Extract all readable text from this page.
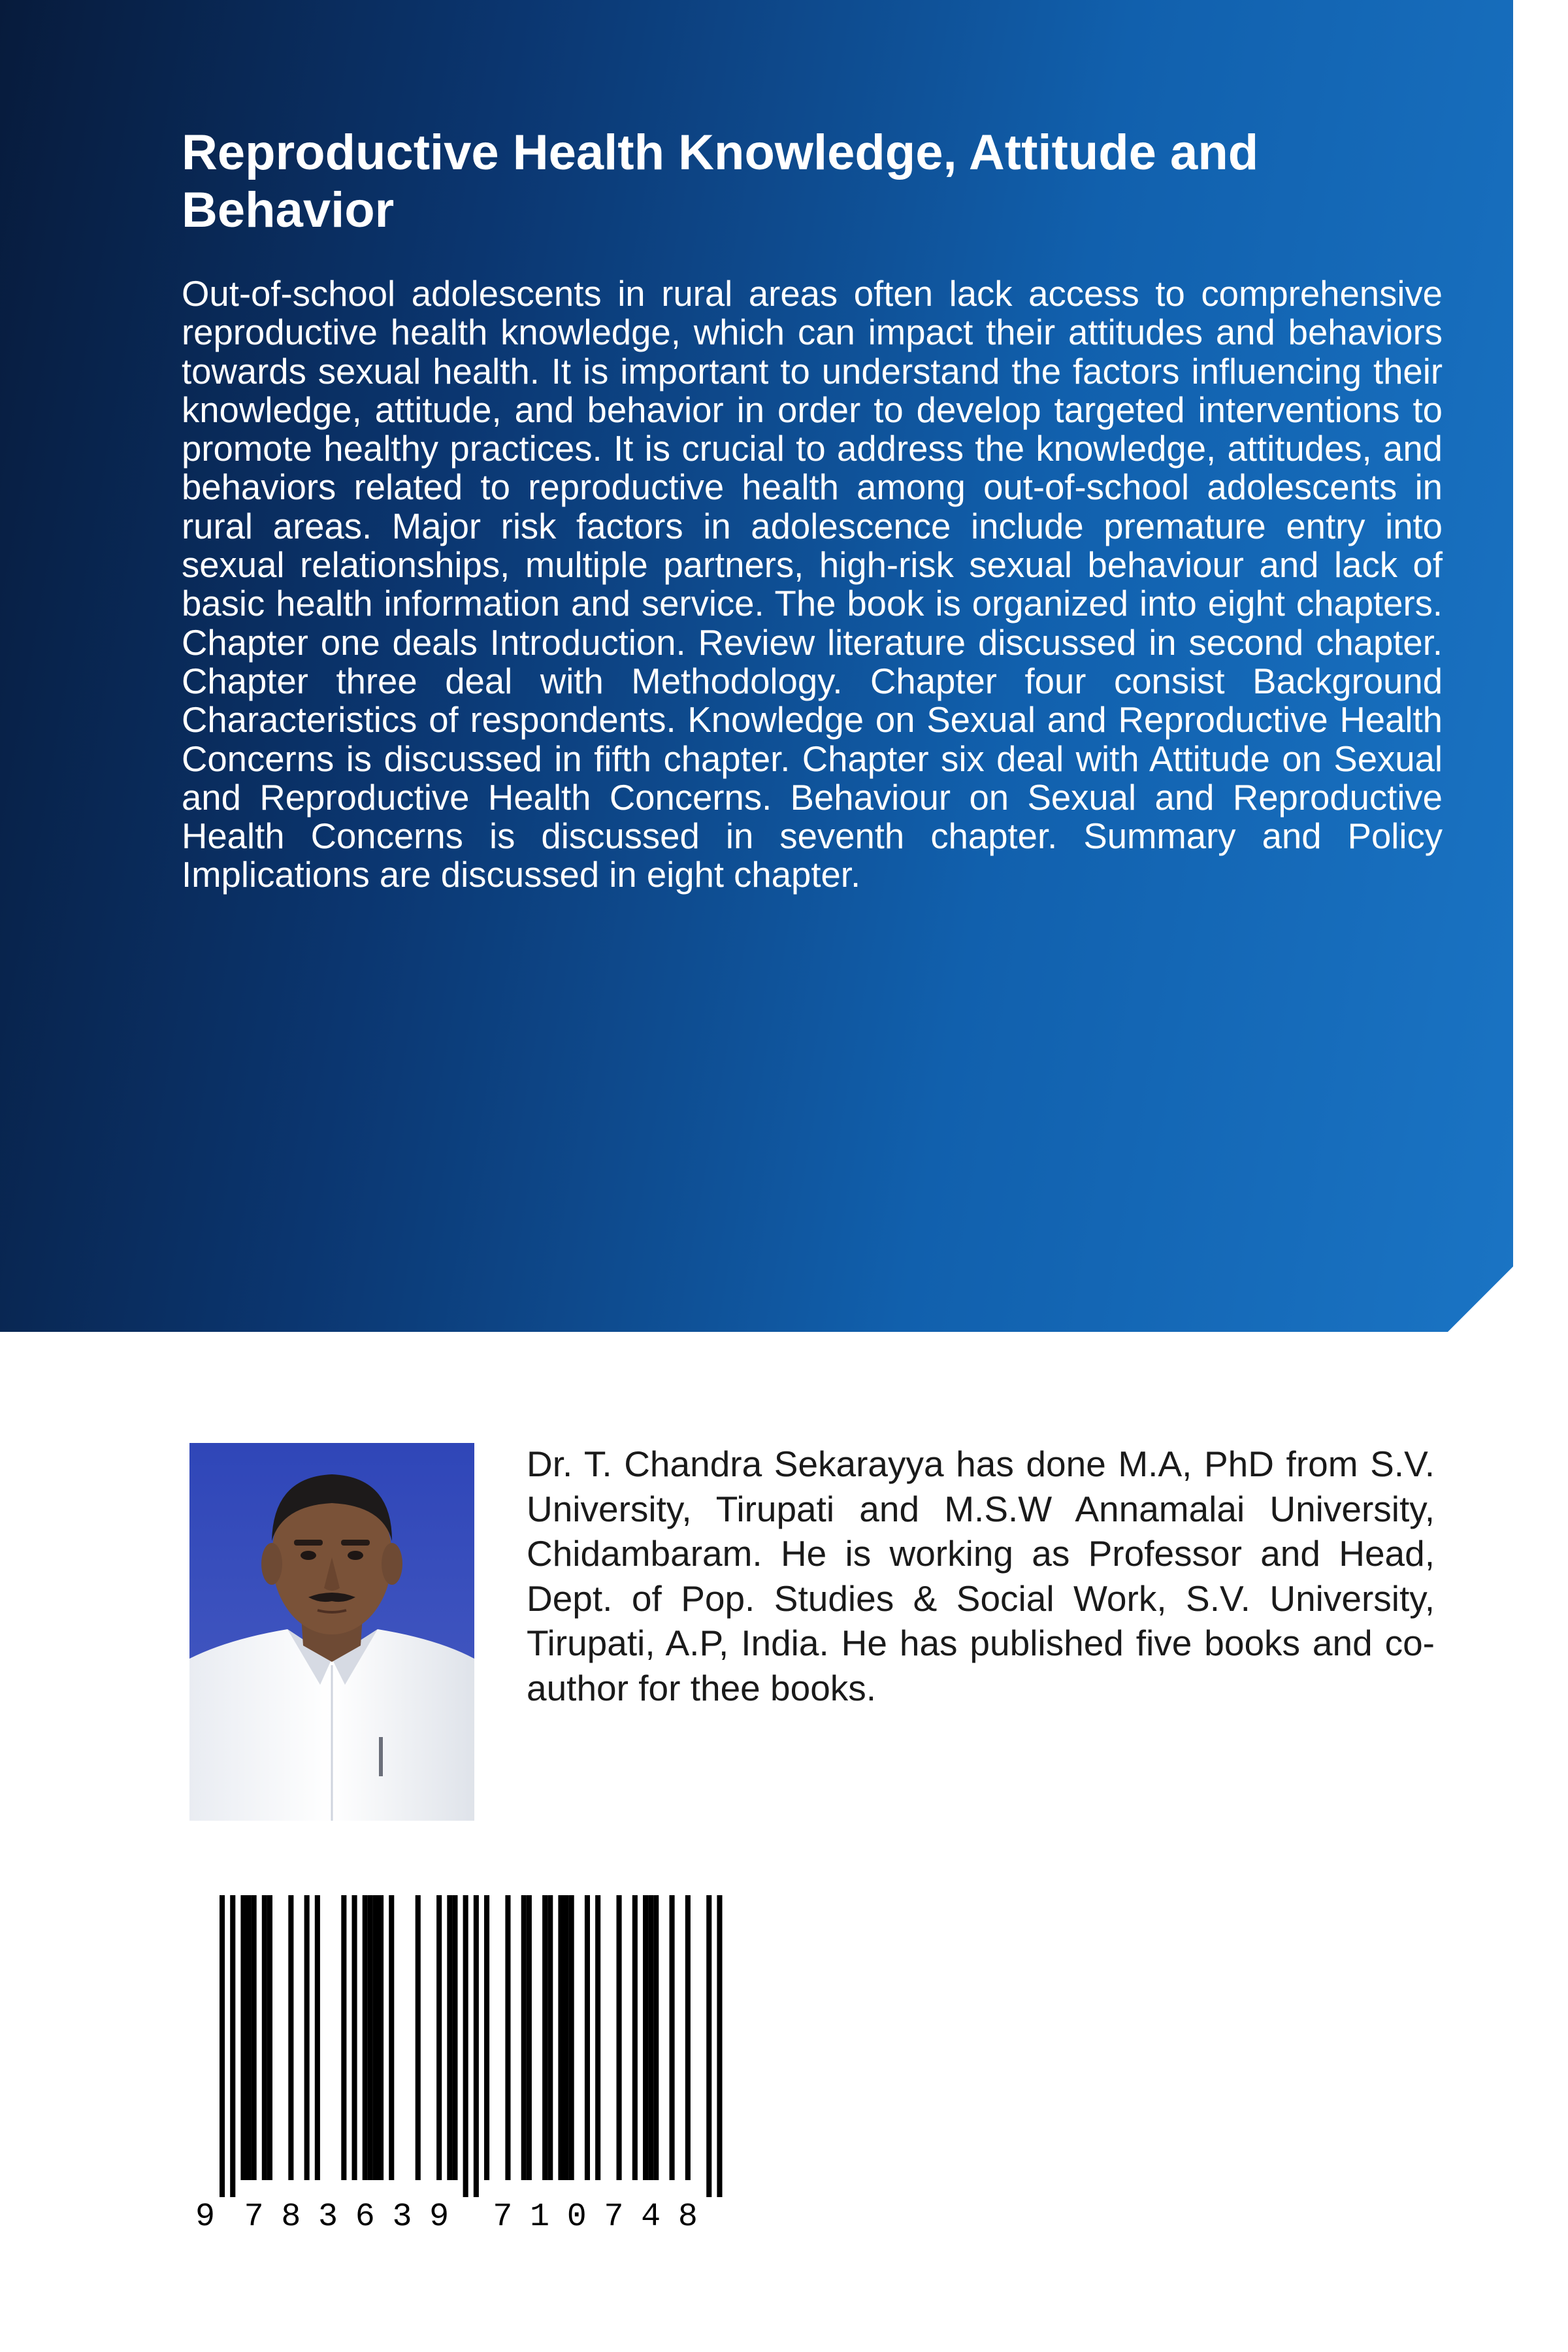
Reproductive Health Knowledge, Attitude and Behavior

Out-of-school adolescents in rural areas often lack access to comprehensive reproductive health knowledge, which can impact their attitudes and behaviors towards sexual health. It is important to understand the factors influencing their knowledge, attitude, and behavior in order to develop targeted interventions to promote healthy practices. It is crucial to address the knowledge, attitudes, and behaviors related to reproductive health among out-of-school adolescents in rural areas. Major risk factors in adolescence include premature entry into sexual relationships, multiple partners, high-risk sexual behaviour and lack of basic health information and service. The book is organized into eight chapters. Chapter one deals Introduction. Review literature discussed in second chapter. Chapter three deal with Methodology. Chapter four consist Background Characteristics of respondents. Knowledge on Sexual and Reproductive Health Concerns is discussed in fifth chapter. Chapter six deal with Attitude on Sexual and Reproductive Health Concerns. Behaviour on Sexual and Reproductive Health Concerns is discussed in seventh chapter. Summary and Policy Implications are discussed in eight chapter.

Dr. T. Chandra Sekarayya has done M.A, PhD from S.V. University, Tirupati and M.S.W Annamalai University, Chidambaram. He is working as Professor and Head, Dept. of Pop. Studies & Social Work, S.V. University, Tirupati, A.P, India. He has published five books and co-author for thee books.

9 7 8 3 6 3 9 7 1 0 7 4 8
